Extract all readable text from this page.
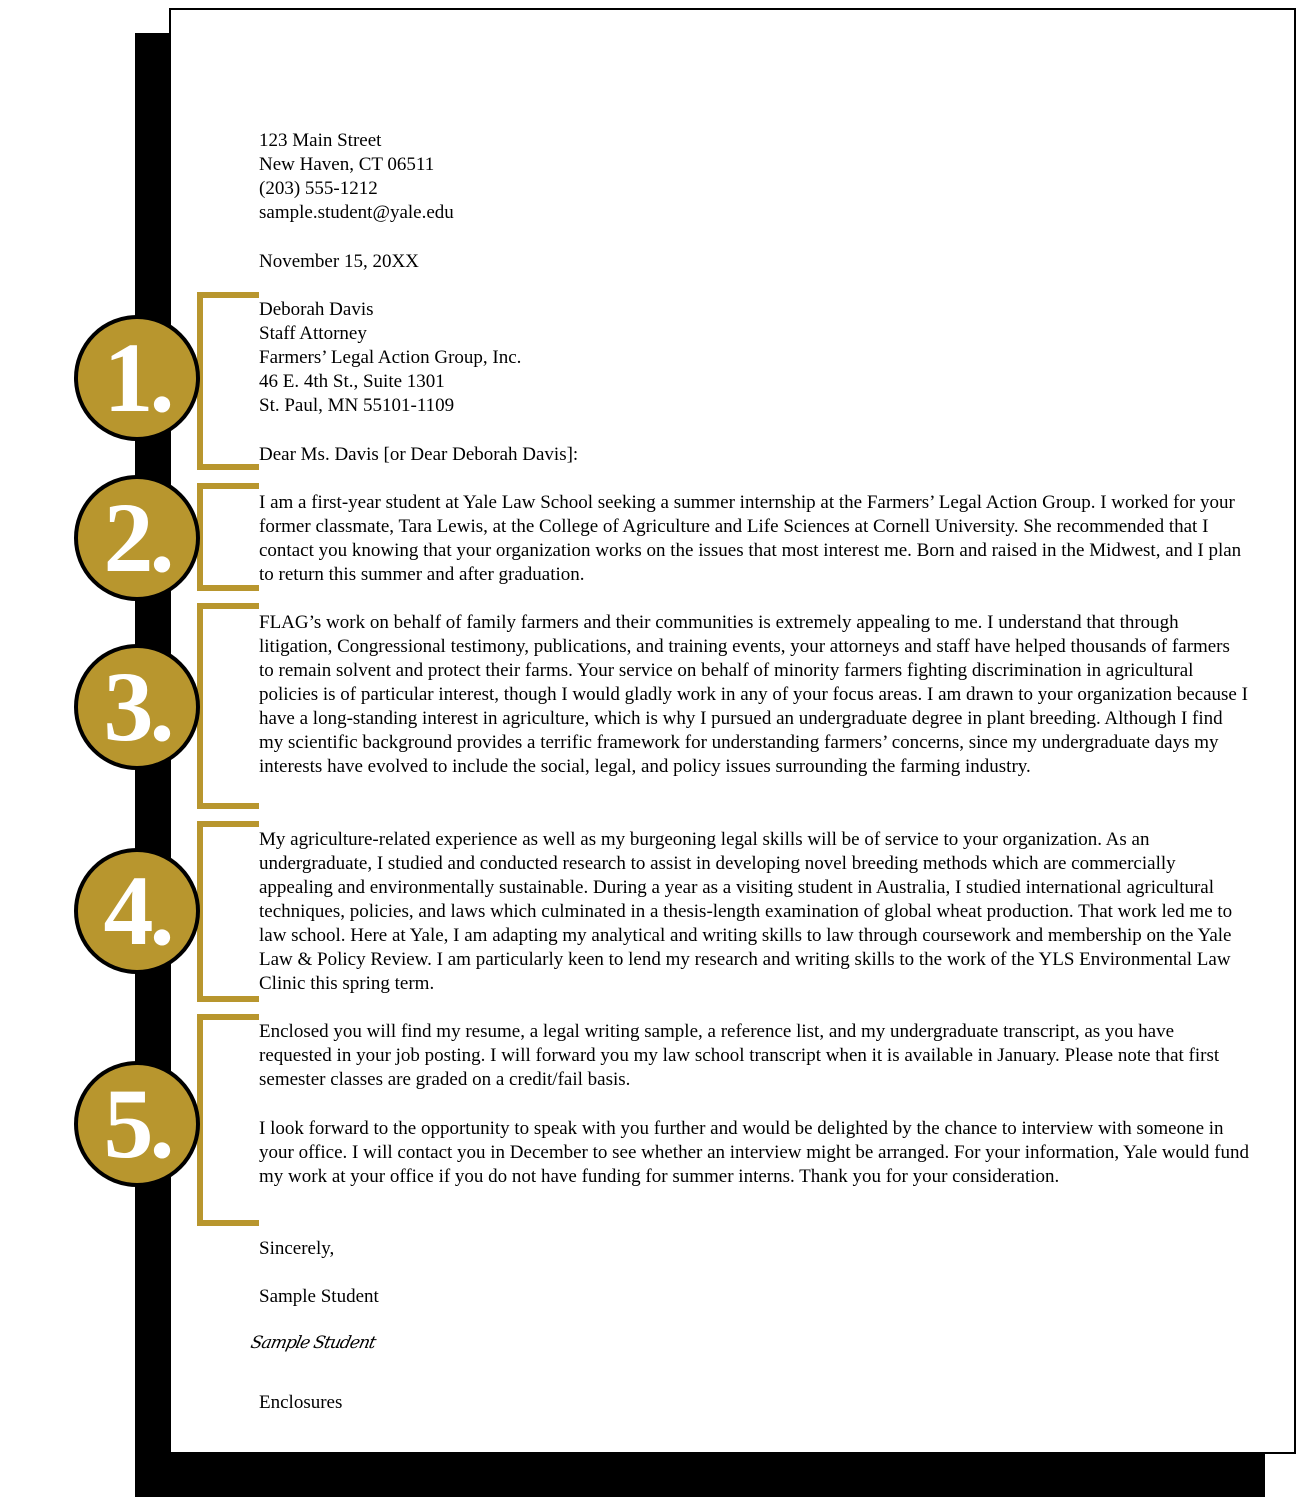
1.
2.
3.
4.
5.
123 Main Street
New Haven, CT 06511
(203) 555-1212
sample.student@yale.edu
November 15, 20XX
Deborah Davis
Staff Attorney
Farmers’ Legal Action Group, Inc.
46 E. 4th St., Suite 1301
St. Paul, MN 55101-1109
Dear Ms. Davis [or Dear Deborah Davis]:

I am a first-year student at Yale Law School seeking a summer internship at the Farmers’ Legal Action Group. I worked for your former classmate, Tara Lewis, at the College of Agriculture and Life Sciences at Cornell University. She recommended that I contact you knowing that your organization works on the issues that most interest me. Born and raised in the Midwest, and I plan to return this summer and after graduation.

FLAG’s work on behalf of family farmers and their communities is extremely appealing to me. I understand that through litigation, Congressional testimony, publications, and training events, your attorneys and staff have helped thousands of farmers to remain solvent and protect their farms. Your service on behalf of minority farmers fighting discrimination in agricultural policies is of particular interest, though I would gladly work in any of your focus areas. I am drawn to your organization because I have a long-standing interest in agriculture, which is why I pursued an undergraduate degree in plant breeding. Although I find my scientific background provides a terrific framework for understanding farmers’ concerns, since my undergraduate days my interests have evolved to include the social, legal, and policy issues surrounding the farming industry.

My agriculture-related experience as well as my burgeoning legal skills will be of service to your organization. As an undergraduate, I studied and conducted research to assist in developing novel breeding methods which are commercially appealing and environmentally sustainable. During a year as a visiting student in Australia, I studied international agricultural techniques, policies, and laws which culminated in a thesis-length examination of global wheat production. That work led me to law school. Here at Yale, I am adapting my analytical and writing skills to law through coursework and membership on the Yale Law & Policy Review. I am particularly keen to lend my research and writing skills to the work of the YLS Environmental Law Clinic this spring term.

Enclosed you will find my resume, a legal writing sample, a reference list, and my undergraduate transcript, as you have requested in your job posting. I will forward you my law school transcript when it is available in January. Please note that first semester classes are graded on a credit/fail basis.

I look forward to the opportunity to speak with you further and would be delighted by the chance to interview with someone in your office. I will contact you in December to see whether an interview might be arranged. For your information, Yale would fund my work at your office if you do not have funding for summer interns. Thank you for your consideration.

Sincerely,
Sample Student
Sample Student
Enclosures
